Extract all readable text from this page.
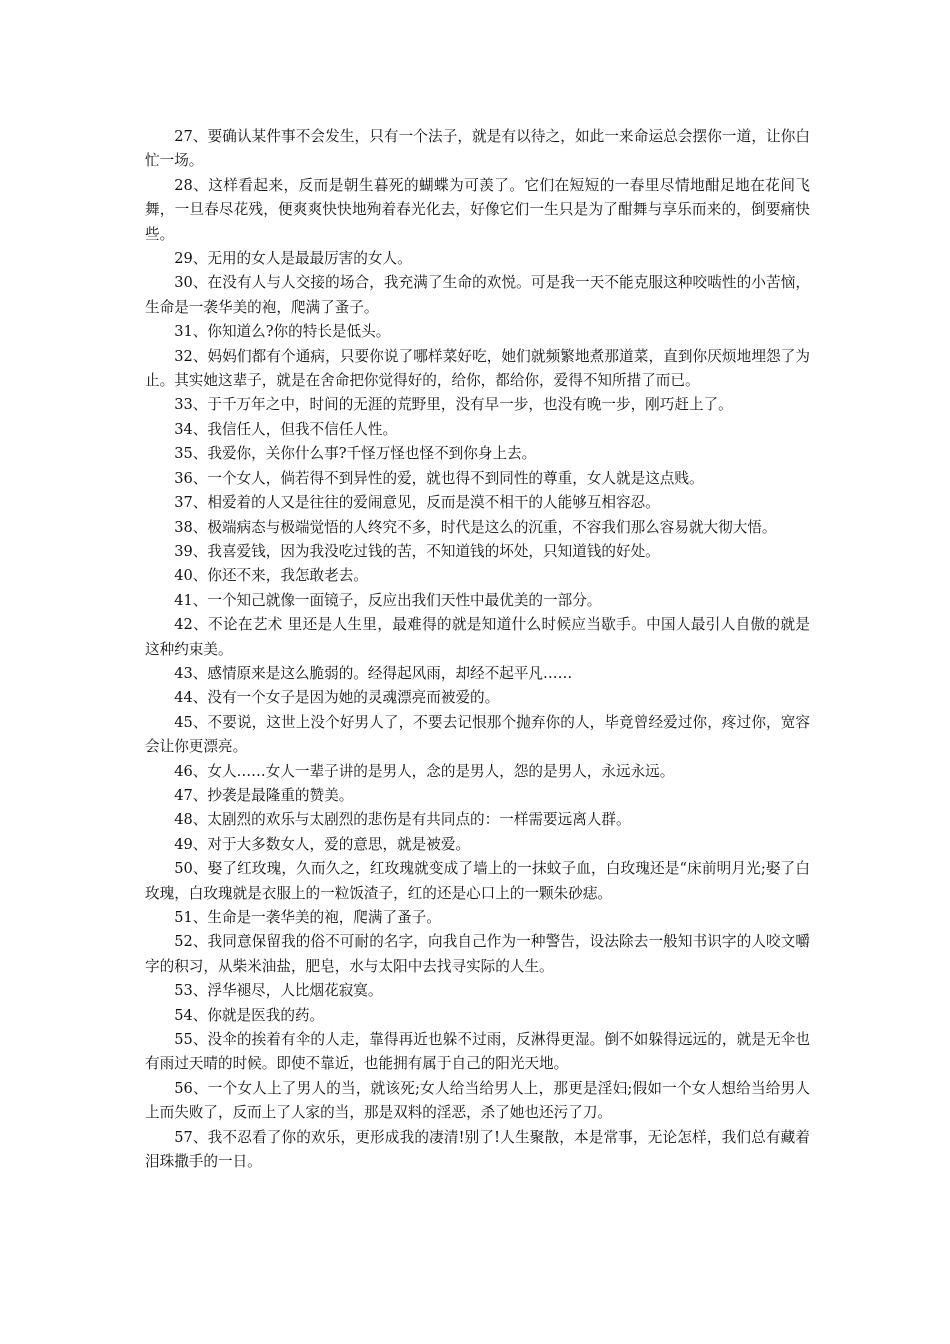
27、要确认某件事不会发生，只有一个法子，就是有以待之，如此一来命运总会摆你一道，让你白忙一场。

28、这样看起来，反而是朝生暮死的蝴蝶为可羡了。它们在短短的一春里尽情地酣足地在花间飞舞，一旦春尽花残，便爽爽快快地殉着春光化去，好像它们一生只是为了酣舞与享乐而来的，倒要痛快些。

29、无用的女人是最最厉害的女人。

30、在没有人与人交接的场合，我充满了生命的欢悦。可是我一天不能克服这种咬啮性的小苦恼，生命是一袭华美的袍，爬满了蚤子。

31、你知道么?你的特长是低头。

32、妈妈们都有个通病，只要你说了哪样菜好吃，她们就频繁地煮那道菜，直到你厌烦地埋怨了为止。其实她这辈子，就是在舍命把你觉得好的，给你，都给你，爱得不知所措了而已。

33、于千万年之中，时间的无涯的荒野里，没有早一步，也没有晚一步，刚巧赶上了。

34、我信任人，但我不信任人性。

35、我爱你，关你什么事?千怪万怪也怪不到你身上去。

36、一个女人，倘若得不到异性的爱，就也得不到同性的尊重，女人就是这点贱。

37、相爱着的人又是往往的爱闹意见，反而是漠不相干的人能够互相容忍。

38、极端病态与极端觉悟的人终究不多，时代是这么的沉重，不容我们那么容易就大彻大悟。

39、我喜爱钱，因为我没吃过钱的苦，不知道钱的坏处，只知道钱的好处。

40、你还不来，我怎敢老去。

41、一个知己就像一面镜子，反应出我们天性中最优美的一部分。

42、不论在艺术 里还是人生里，最难得的就是知道什么时候应当歇手。中国人最引人自傲的就是这种约束美。

43、感情原来是这么脆弱的。经得起风雨，却经不起平凡……

44、没有一个女子是因为她的灵魂漂亮而被爱的。

45、不要说，这世上没个好男人了，不要去记恨那个抛弃你的人，毕竟曾经爱过你，疼过你，宽容会让你更漂亮。

46、女人……女人一辈子讲的是男人，念的是男人，怨的是男人，永远永远。

47、抄袭是最隆重的赞美。

48、太剧烈的欢乐与太剧烈的悲伤是有共同点的：一样需要远离人群。

49、对于大多数女人，爱的意思，就是被爱。

50、娶了红玫瑰，久而久之，红玫瑰就变成了墙上的一抹蚊子血，白玫瑰还是“床前明月光;娶了白玫瑰，白玫瑰就是衣服上的一粒饭渣子，红的还是心口上的一颗朱砂痣。

51、生命是一袭华美的袍，爬满了蚤子。

52、我同意保留我的俗不可耐的名字，向我自己作为一种警告，设法除去一般知书识字的人咬文嚼字的积习，从柴米油盐，肥皂，水与太阳中去找寻实际的人生。

53、浮华褪尽，人比烟花寂寞。

54、你就是医我的药。

55、没伞的挨着有伞的人走，靠得再近也躲不过雨，反淋得更湿。倒不如躲得远远的，就是无伞也有雨过天晴的时候。即使不靠近，也能拥有属于自己的阳光天地。

56、一个女人上了男人的当，就该死;女人给当给男人上，那更是淫妇;假如一个女人想给当给男人上而失败了，反而上了人家的当，那是双料的淫恶，杀了她也还污了刀。

57、我不忍看了你的欢乐，更形成我的凄清!别了!人生聚散，本是常事，无论怎样，我们总有藏着泪珠撒手的一日。
